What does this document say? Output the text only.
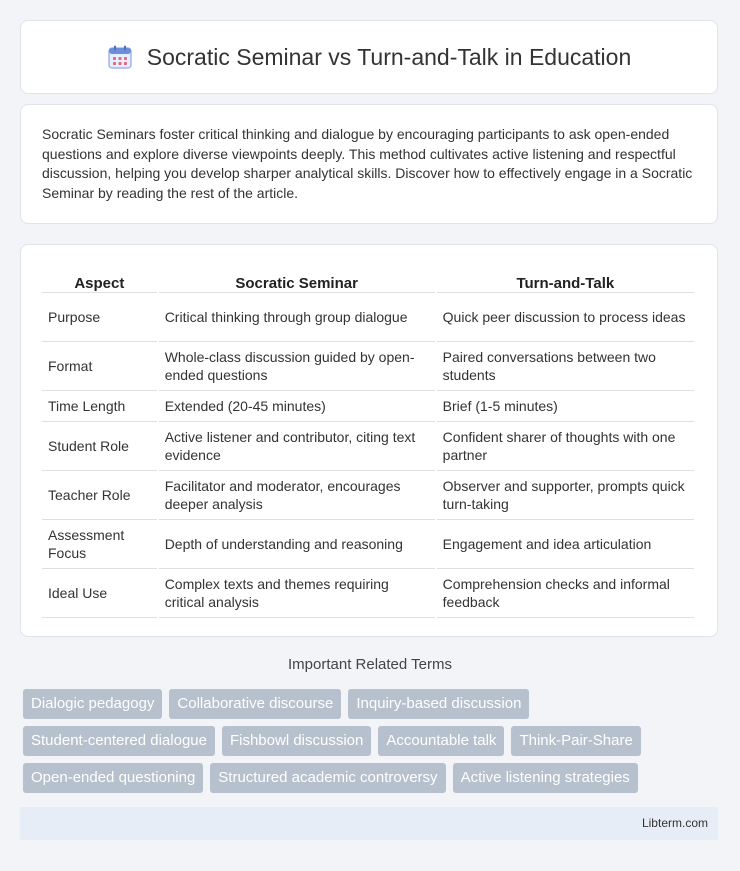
Socratic Seminar vs Turn-and-Talk in Education

Socratic Seminars foster critical thinking and dialogue by encouraging participants to ask open-ended questions and explore diverse viewpoints deeply. This method cultivates active listening and respectful discussion, helping you develop sharper analytical skills. Discover how to effectively engage in a Socratic Seminar by reading the rest of the article.

Aspect	Socratic Seminar	Turn-and-Talk
Purpose	Critical thinking through group dialogue	Quick peer discussion to process ideas
Format	Whole-class discussion guided by open-ended questions	Paired conversations between two students
Time Length	Extended (20-45 minutes)	Brief (1-5 minutes)
Student Role	Active listener and contributor, citing text evidence	Confident sharer of thoughts with one partner
Teacher Role	Facilitator and moderator, encourages deeper analysis	Observer and supporter, prompts quick turn-taking
Assessment Focus	Depth of understanding and reasoning	Engagement and idea articulation
Ideal Use	Complex texts and themes requiring critical analysis	Comprehension checks and informal feedback
Important Related Terms
Dialogic pedagogy	Collaborative discourse	Inquiry-based discussion
Student-centered dialogue	Fishbowl discussion	Accountable talk	Think-Pair-Share
Open-ended questioning	Structured academic controversy	Active listening strategies
Libterm.com
